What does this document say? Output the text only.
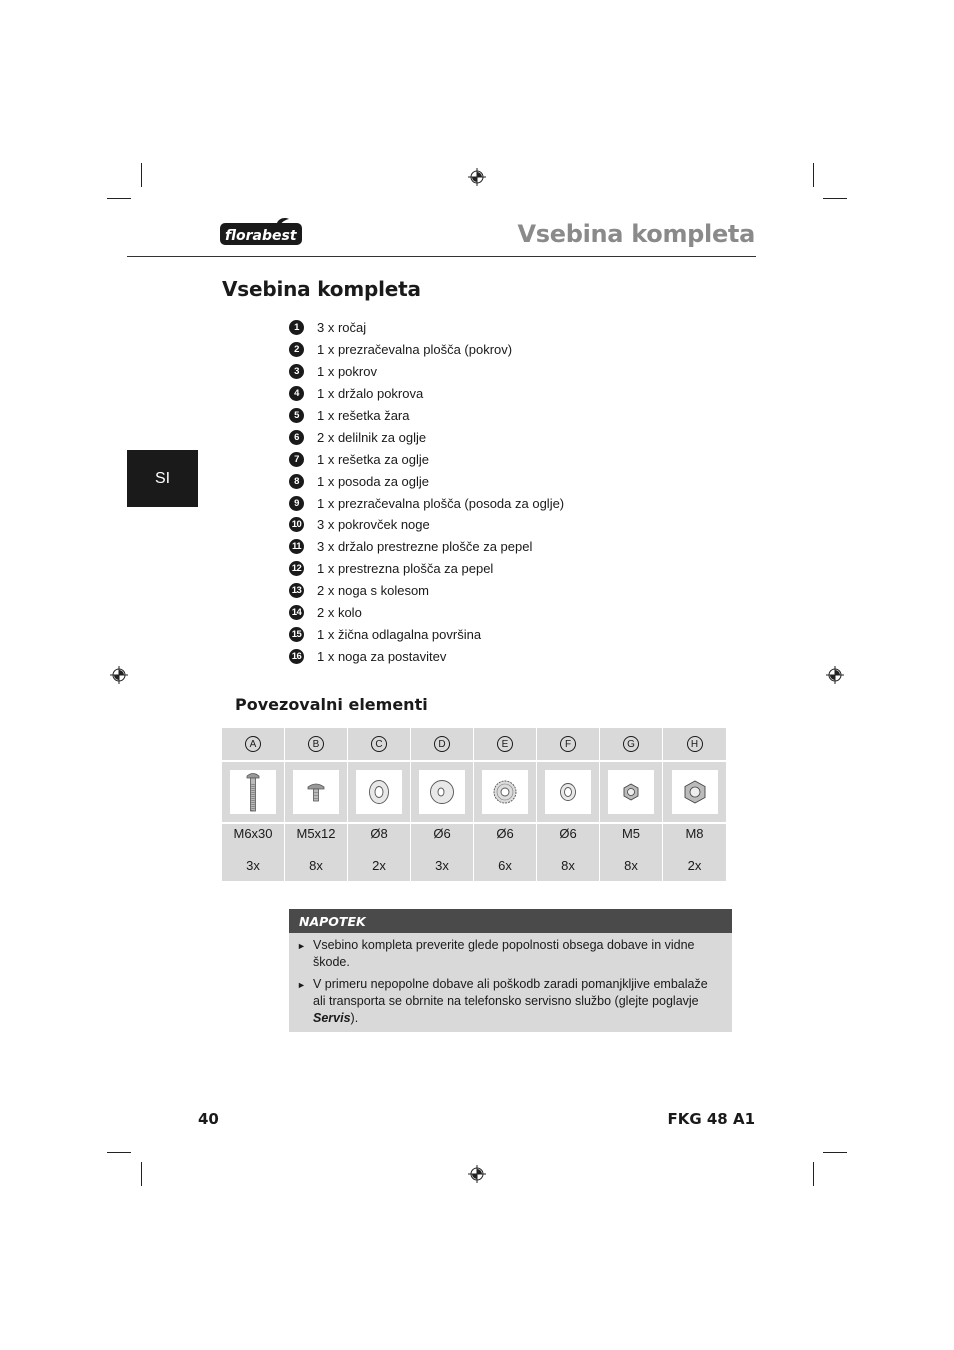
florabest	Vsebina kompleta
SI
Vsebina kompleta
1	3 x ročaj
2	1 x prezračevalna plošča (pokrov)
3	1 x pokrov
4	1 x držalo pokrova
5	1 x rešetka žara
6	2 x delilnik za oglje
7	1 x rešetka za oglje
8	1 x posoda za oglje
9	1 x prezračevalna plošča (posoda za oglje)
10 3 x pokrovček noge
11 3 x držalo prestrezne plošče za pepel
12 1 x prestrezna plošča za pepel
13 2 x noga s kolesom
14 2 x kolo
15 1 x žična odlagalna površina
16 1 x noga za postavitev
Povezovalni elementi
A	B	C	D	E	F	G	H
M6x30	M5x12	Ø8	Ø6	Ø6	Ø6	M5	M8
3x	8x	2x	3x	6x	8x	8x	2x
NAPOTEK
► Vsebino kompleta preverite glede popolnosti obsega dobave in vidne škode.
► V primeru nepopolne dobave ali poškodb zaradi pomanjkljive embalaže ali transporta se obrnite na telefonsko servisno službo (glejte poglavje Servis).
40	FKG 48 A1
